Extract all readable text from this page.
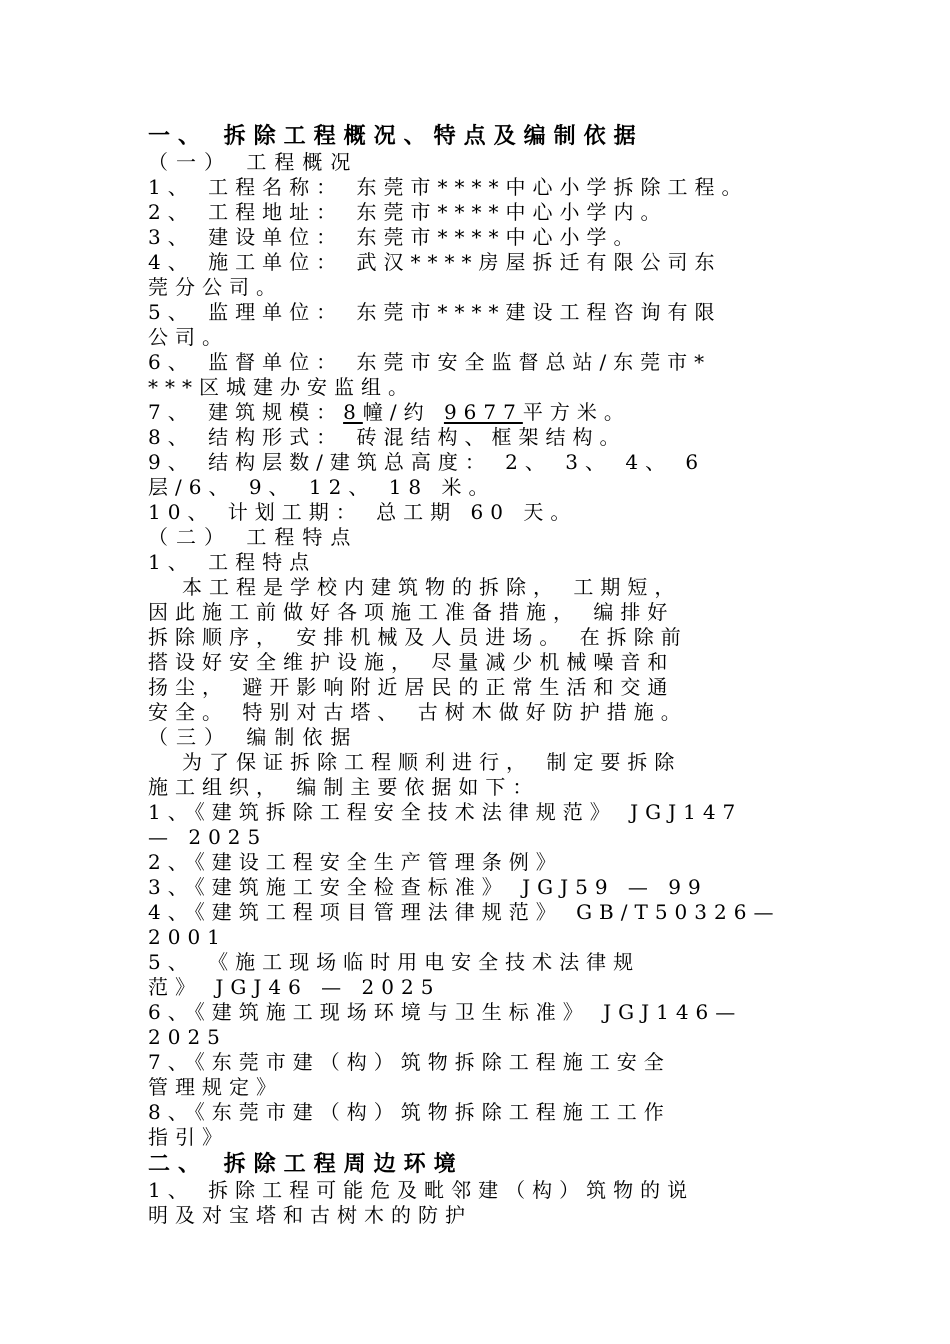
一、 拆除工程概况、特点及编制依据
（一） 工程概况
1、 工程名称： 东莞市****中心小学拆除工程。
2、 工程地址： 东莞市****中心小学内。
3、 建设单位： 东莞市****中心小学。
4、 施工单位： 武汉****房屋拆迁有限公司东
莞分公司。
5、 监理单位： 东莞市****建设工程咨询有限
公司。
6、 监督单位： 东莞市安全监督总站/东莞市*
***区城建办安监组。
7、 建筑规模：8幢/约 9677平方米。
8、 结构形式： 砖混结构、框架结构。
9、 结构层数/建筑总高度： 2、 3、 4、 6
层/6、 9、 12、 18 米。
10、 计划工期： 总工期 60 天。
（二） 工程特点
1、 工程特点
本工程是学校内建筑物的拆除， 工期短，
因此施工前做好各项施工准备措施， 编排好
拆除顺序， 安排机械及人员进场。 在拆除前
搭设好安全维护设施， 尽量减少机械噪音和
扬尘， 避开影响附近居民的正常生活和交通
安全。 特别对古塔、 古树木做好防护措施。
（三） 编制依据
为了保证拆除工程顺利进行， 制定要拆除
施工组织， 编制主要依据如下：
1、《建筑拆除工程安全技术法律规范》 JGJ147
— 2025
2、《建设工程安全生产管理条例》
3、《建筑施工安全检查标准》 JGJ59 — 99
4、《建筑工程项目管理法律规范》 GB/T50326—
2001
5、 《施工现场临时用电安全技术法律规
范》 JGJ46 — 2025
6、《建筑施工现场环境与卫生标准》 JGJ146—
2025
7、《东莞市建（构）筑物拆除工程施工安全
管理规定》
8、《东莞市建（构）筑物拆除工程施工工作
指引》
二、 拆除工程周边环境
1、 拆除工程可能危及毗邻建（构）筑物的说
明及对宝塔和古树木的防护
